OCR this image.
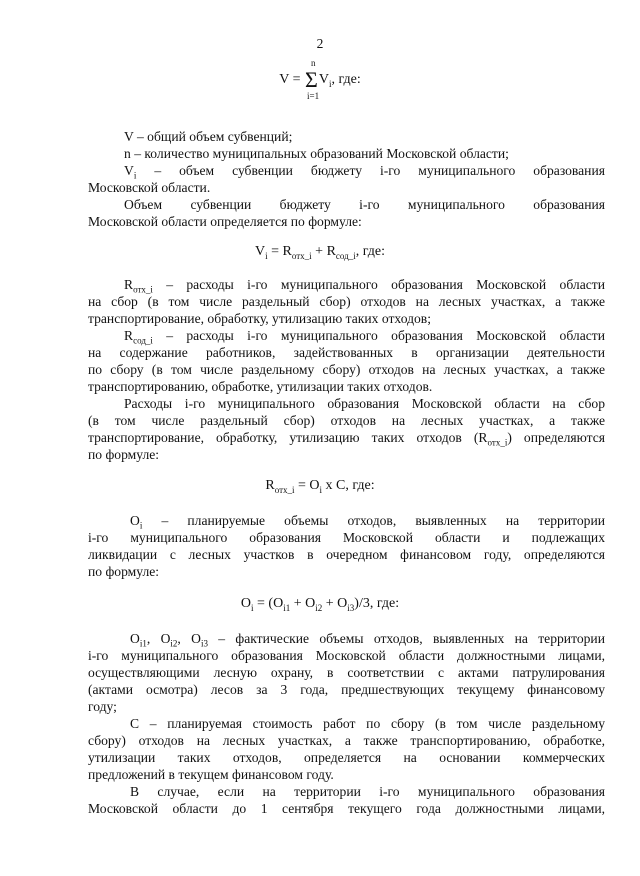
2
V = Σ
n
i=1
$V_i$, где:
V – общий объем субвенций;
n – количество муниципальных образований Московской области;
$V_i$ – объем субвенции бюджету i-го муниципального образования
Московской области.
Объем субвенции бюджету i-го муниципального образования
Московской области определяется по формуле:
$V_i = R_{отх\_i} + R_{сод\_i}$, где:
$R_{отх\_i}$ – расходы i-го муниципального образования Московской области
на сбор (в том числе раздельный сбор) отходов на лесных участках, а также
транспортирование, обработку, утилизацию таких отходов;
$R_{сод\_i}$ – расходы i-го муниципального образования Московской области
на содержание работников, задействованных в организации деятельности
по сбору (в том числе раздельному сбору) отходов на лесных участках, а также
транспортированию, обработке, утилизации таких отходов.
Расходы i-го муниципального образования Московской области на сбор
(в том числе раздельный сбор) отходов на лесных участках, а также
транспортирование, обработку, утилизацию таких отходов $(R_{отх\_i})$ определяются
по формуле:
$R_{отх\_i} = O_i$ x C, где:
$O_i$ – планируемые объемы отходов, выявленных на территории
i-го муниципального образования Московской области и подлежащих
ликвидации с лесных участков в очередном финансовом году, определяются
по формуле:
$O_i = (O_{i1} + O_{i2} + O_{i3})/3$, где:
$O_{i1}$, $O_{i2}$, $O_{i3}$ – фактические объемы отходов, выявленных на территории
i-го муниципального образования Московской области должностными лицами,
осуществляющими лесную охрану, в соответствии с актами патрулирования
(актами осмотра) лесов за 3 года, предшествующих текущему финансовому
году;
С – планируемая стоимость работ по сбору (в том числе раздельному
сбору) отходов на лесных участках, а также транспортированию, обработке,
утилизации таких отходов, определяется на основании коммерческих
предложений в текущем финансовом году.
В случае, если на территории i-го муниципального образования
Московской области до 1 сентября текущего года должностными лицами,
